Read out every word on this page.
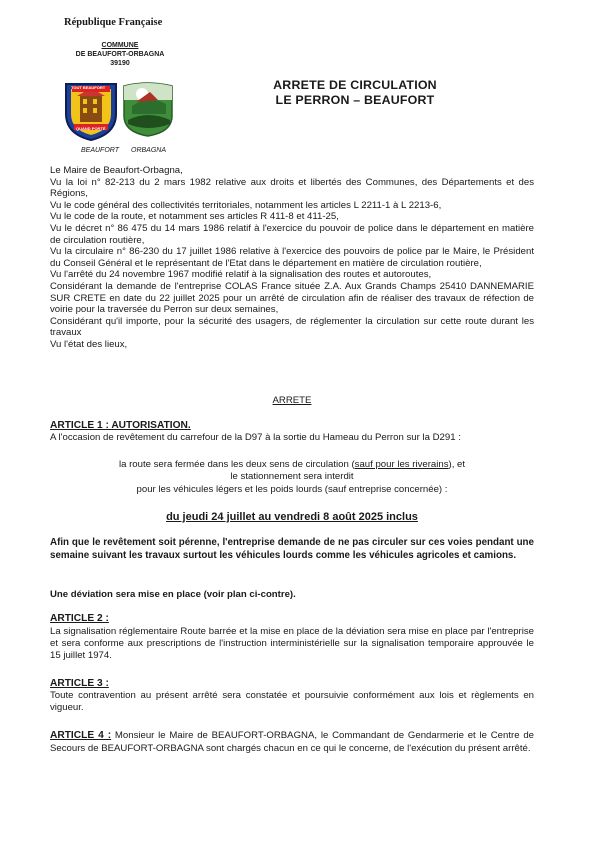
République Française
COMMUNE
DE BEAUFORT-ORBAGNA
39190
TOUT BEAUFORT
QUAND PORTÉ
BEAUFORT ORBAGNA
ARRETE DE CIRCULATION
LE PERRON – BEAUFORT
Le Maire de Beaufort-Orbagna,
Vu la loi n° 82-213 du 2 mars 1982 relative aux droits et libertés des Communes, des Départements et des Régions,
Vu le code général des collectivités territoriales, notamment les articles L 2211-1 à L 2213-6,
Vu le code de la route, et notamment ses articles R 411-8 et 411-25,
Vu le décret n° 86 475 du 14 mars 1986 relatif à l'exercice du pouvoir de police dans le département en matière de circulation routière,
Vu la circulaire n° 86-230 du 17 juillet 1986 relative à l'exercice des pouvoirs de police par le Maire, le Président du Conseil Général et le représentant de l'Etat dans le département en matière de circulation routière,
Vu l'arrêté du 24 novembre 1967 modifié relatif à la signalisation des routes et autoroutes,
Considérant la demande de l'entreprise COLAS France située Z.A. Aux Grands Champs 25410 DANNEMARIE SUR CRETE en date du 22 juillet 2025 pour un arrêté de circulation afin de réaliser des travaux de réfection de voirie pour la traversée du Perron sur deux semaines,
Considérant qu'il importe, pour la sécurité des usagers, de réglementer la circulation sur cette route durant les travaux
Vu l'état des lieux,
ARRETE
ARTICLE 1 : AUTORISATION.
A l'occasion de revêtement du carrefour de la D97 à la sortie du Hameau du Perron sur la D291 :
la route sera fermée dans les deux sens de circulation (sauf pour les riverains), et
le stationnement sera interdit
pour les véhicules légers et les poids lourds (sauf entreprise concernée) :
du jeudi 24 juillet au vendredi 8 août 2025 inclus
Afin que le revêtement soit pérenne, l'entreprise demande de ne pas circuler sur ces voies pendant une semaine suivant les travaux surtout les véhicules lourds comme les véhicules agricoles et camions.
Une déviation sera mise en place (voir plan ci-contre).
ARTICLE 2 :
La signalisation réglementaire Route barrée et la mise en place de la déviation sera mise en place par l'entreprise et sera conforme aux prescriptions de l'instruction interministérielle sur la signalisation temporaire approuvée le 15 juillet 1974.
ARTICLE 3 :
Toute contravention au présent arrêté sera constatée et poursuivie conformément aux lois et règlements en vigueur.
ARTICLE 4 : Monsieur le Maire de BEAUFORT-ORBAGNA, le Commandant de Gendarmerie et le Centre de Secours de BEAUFORT-ORBAGNA sont chargés chacun en ce qui le concerne, de l'exécution du présent arrêté.
